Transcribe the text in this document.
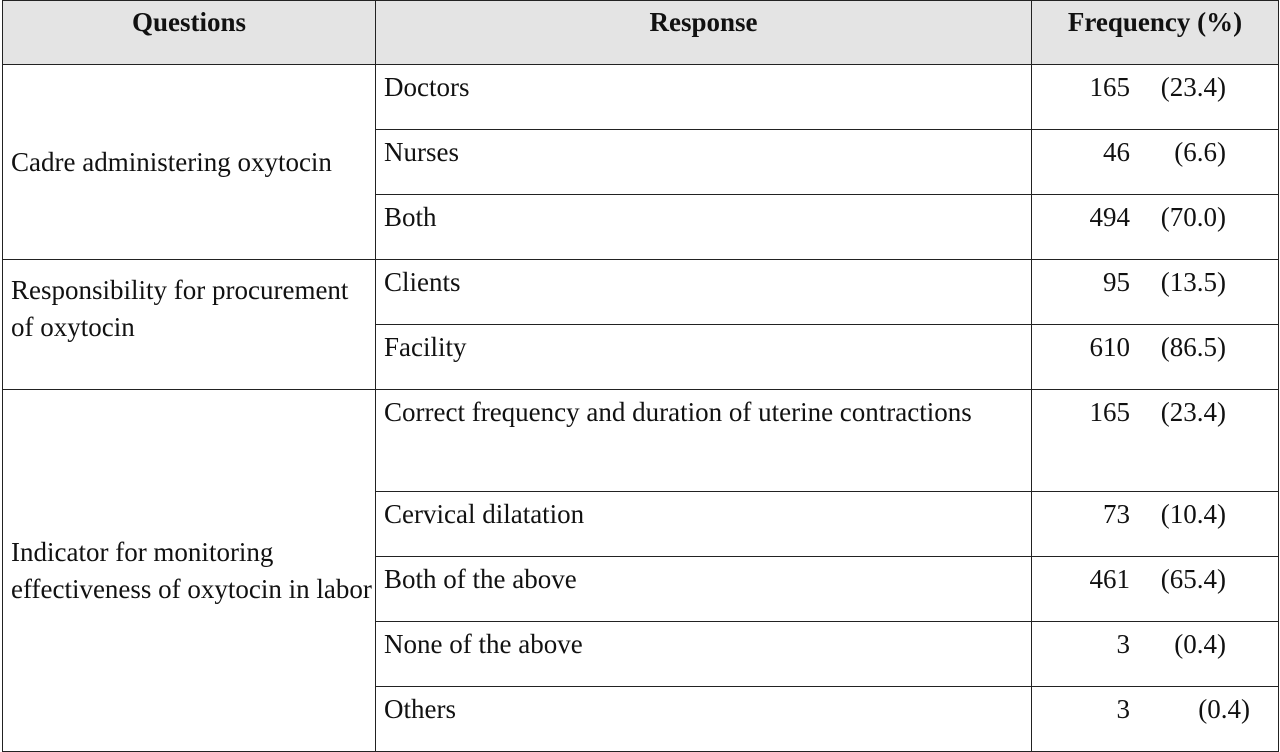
Questions	Response	Frequency (%)
Cadre administering oxytocin	Doctors	165 (23.4)

	Nurses	46 (6.6)

	Both	494 (70.0)

Responsibility for procurement of oxytocin	Clients	95 (13.5)

	Facility	610 (86.5)

Indicator for monitoring effectiveness of oxytocin in labor	Correct frequency and duration of uterine contractions	165 (23.4)

	Cervical dilatation	73 (10.4)

	Both of the above	461 (65.4)

	None of the above	3 (0.4)

	Others	3 (0.4)
